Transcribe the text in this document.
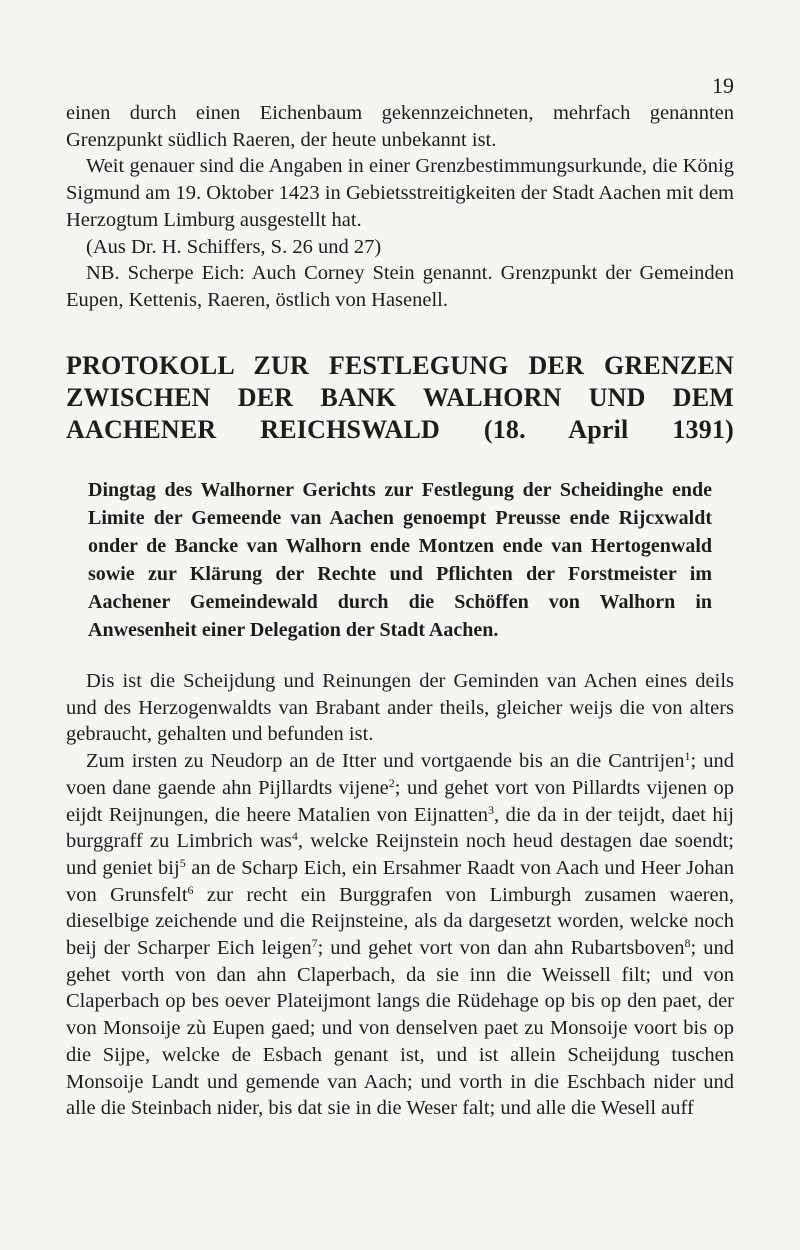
19

einen durch einen Eichenbaum gekennzeichneten, mehrfach genannten Grenzpunkt südlich Raeren, der heute unbekannt ist.

Weit genauer sind die Angaben in einer Grenzbestimmungsurkunde, die König Sigmund am 19. Oktober 1423 in Gebietsstreitigkeiten der Stadt Aachen mit dem Herzogtum Limburg ausgestellt hat.

(Aus Dr. H. Schiffers, S. 26 und 27)

NB. Scherpe Eich: Auch Corney Stein genannt. Grenzpunkt der Gemeinden Eupen, Kettenis, Raeren, östlich von Hasenell.

PROTOKOLL ZUR FESTLEGUNG DER GRENZEN

ZWISCHEN DER BANK WALHORN UND DEM

AACHENER REICHSWALD (18. April 1391)

Dingtag des Walhorner Gerichts zur Festlegung der Scheidinghe ende Limite der Gemeende van Aachen genoempt Preusse ende Rijcxwaldt onder de Bancke van Walhorn ende Montzen ende van Hertogenwald sowie zur Klärung der Rechte und Pflichten der Forstmeister im Aachener Gemeindewald durch die Schöffen von Walhorn in Anwesenheit einer Delegation der Stadt Aachen.

Dis ist die Scheijdung und Reinungen der Geminden van Achen eines deils und des Herzogenwaldts van Brabant ander theils, gleicher weijs die von alters gebraucht, gehalten und befunden ist.

Zum irsten zu Neudorp an de Itter und vortgaende bis an die Cantrijen$^1$; und voen dane gaende ahn Pijllardts vijene$^2$; und gehet vort von Pillardts vijenen op eijdt Reijnungen, die heere Matalien von Eijnatten$^3$, die da in der teijdt, daet hij burggraff zu Limbrich was$^4$, welcke Reijnstein noch heud destagen dae soendt; und geniet bij$^5$ an de Scharp Eich, ein Ersahmer Raadt von Aach und Heer Johan von Grunsfelt$^6$ zur recht ein Burggrafen von Limburgh zusamen waeren, dieselbige zeichende und die Reijnsteine, als da dargesetzt worden, welcke noch beij der Scharper Eich leigen$^7$; und gehet vort von dan ahn Rubartsboven$^8$; und gehet vorth von dan ahn Claperbach, da sie inn die Weissell filt; und von Claperbach op bes oever Plateijmont langs die Rüdehage op bis op den paet, der von Monsoije zù Eupen gaed; und von denselven paet zu Monsoije voort bis op die Sijpe, welcke de Esbach genant ist, und ist allein Scheijdung tuschen Monsoije Landt und gemende van Aach; und vorth in die Eschbach nider und alle die Steinbach nider, bis dat sie in die Weser falt; und alle die Wesell auff
